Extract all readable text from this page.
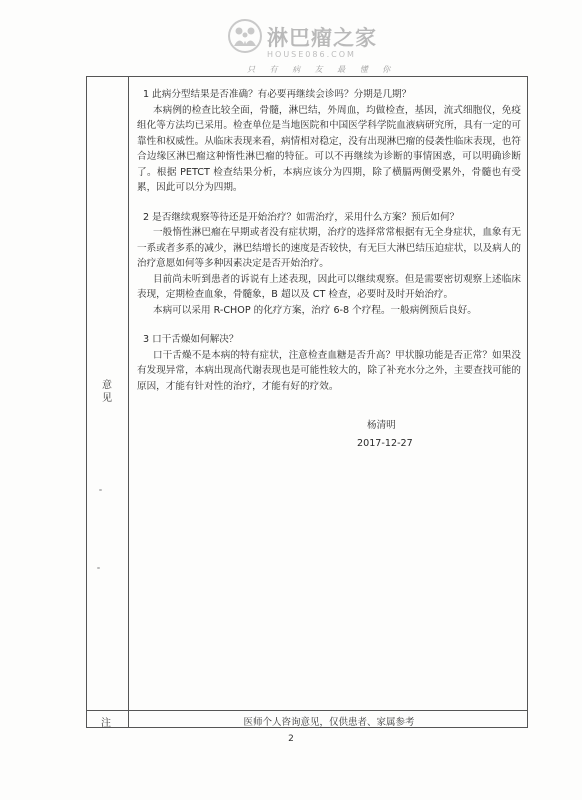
淋巴瘤之家
HOUSE086.COM
只 有 病 友 最 懂 你
意见

1 此病分型结果是否准确？有必要再继续会诊吗？分期是几期？

本病例的检查比较全面，骨髓，淋巴结，外周血，均做检查，基因，流式细胞仪，免疫组化等方法均已采用。检查单位是当地医院和中国医学科学院血液病研究所，具有一定的可靠性和权威性。从临床表现来看，病情相对稳定，没有出现淋巴瘤的侵袭性临床表现，也符合边缘区淋巴瘤这种惰性淋巴瘤的特征。可以不再继续为诊断的事情困惑，可以明确诊断了。根据 PETCT 检查结果分析，本病应该分为四期，除了横膈两侧受累外，骨髓也有受累，因此可以分为四期。

2 是否继续观察等待还是开始治疗？如需治疗，采用什么方案？预后如何？

一般惰性淋巴瘤在早期或者没有症状期，治疗的选择常常根据有无全身症状，血象有无一系或者多系的减少，淋巴结增长的速度是否较快，有无巨大淋巴结压迫症状，以及病人的治疗意愿如何等多种因素决定是否开始治疗。

目前尚未听到患者的诉说有上述表现，因此可以继续观察。但是需要密切观察上述临床表现，定期检查血象，骨髓象，B 超以及 CT 检查，必要时及时开始治疗。

本病可以采用 R-CHOP 的化疗方案，治疗 6-8 个疗程。一般病例预后良好。

3 口干舌燥如何解决？

口干舌燥不是本病的特有症状，注意检查血糖是否升高？甲状腺功能是否正常？如果没有发现异常，本病出现高代谢表现也是可能性较大的，除了补充水分之外，主要查找可能的原因，才能有针对性的治疗，才能有好的疗效。

杨清明
2017-12-27
注	医师个人咨询意见，仅供患者、家属参考
2
